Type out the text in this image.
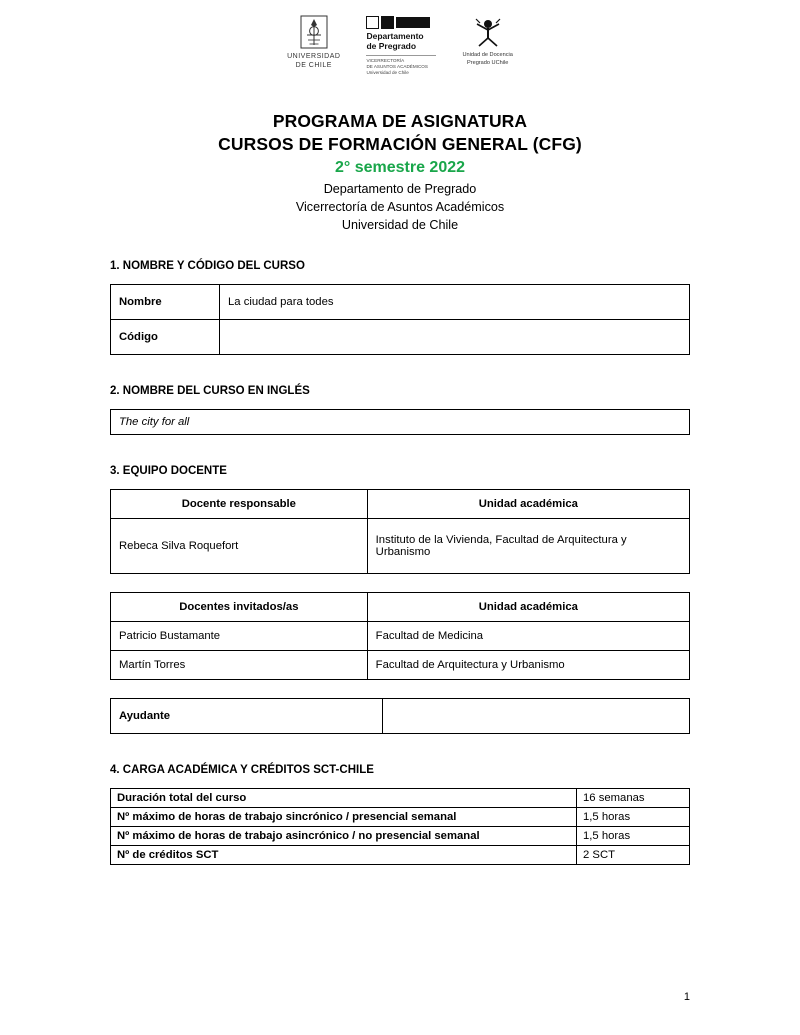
UNIVERSIDAD
DE CHILE
Departamento
de Pregrado
VICERRECTORÍA
DE ASUNTOS ACADÉMICOS
Universidad de Chile
Unidad de Docencia
Pregrado UChile
PROGRAMA DE ASIGNATURA
CURSOS DE FORMACIÓN GENERAL (CFG)
2° semestre 2022
Departamento de Pregrado
Vicerrectoría de Asuntos Académicos
Universidad de Chile
1. NOMBRE Y CÓDIGO DEL CURSO
Nombre	La ciudad para todes
Código	
2. NOMBRE DEL CURSO EN INGLÉS
The city for all
3. EQUIPO DOCENTE
Docente responsable	Unidad académica
Rebeca Silva Roquefort	Instituto de la Vivienda, Facultad de Arquitectura y Urbanismo
Docentes invitados/as	Unidad académica
Patricio Bustamante	Facultad de Medicina
Martín Torres	Facultad de Arquitectura y Urbanismo
Ayudante	
4. CARGA ACADÉMICA Y CRÉDITOS SCT-CHILE
Duración total del curso	16 semanas
Nº máximo de horas de trabajo sincrónico / presencial semanal	1,5 horas
Nº máximo de horas de trabajo asincrónico / no presencial semanal	1,5 horas
Nº de créditos SCT	2 SCT
1
